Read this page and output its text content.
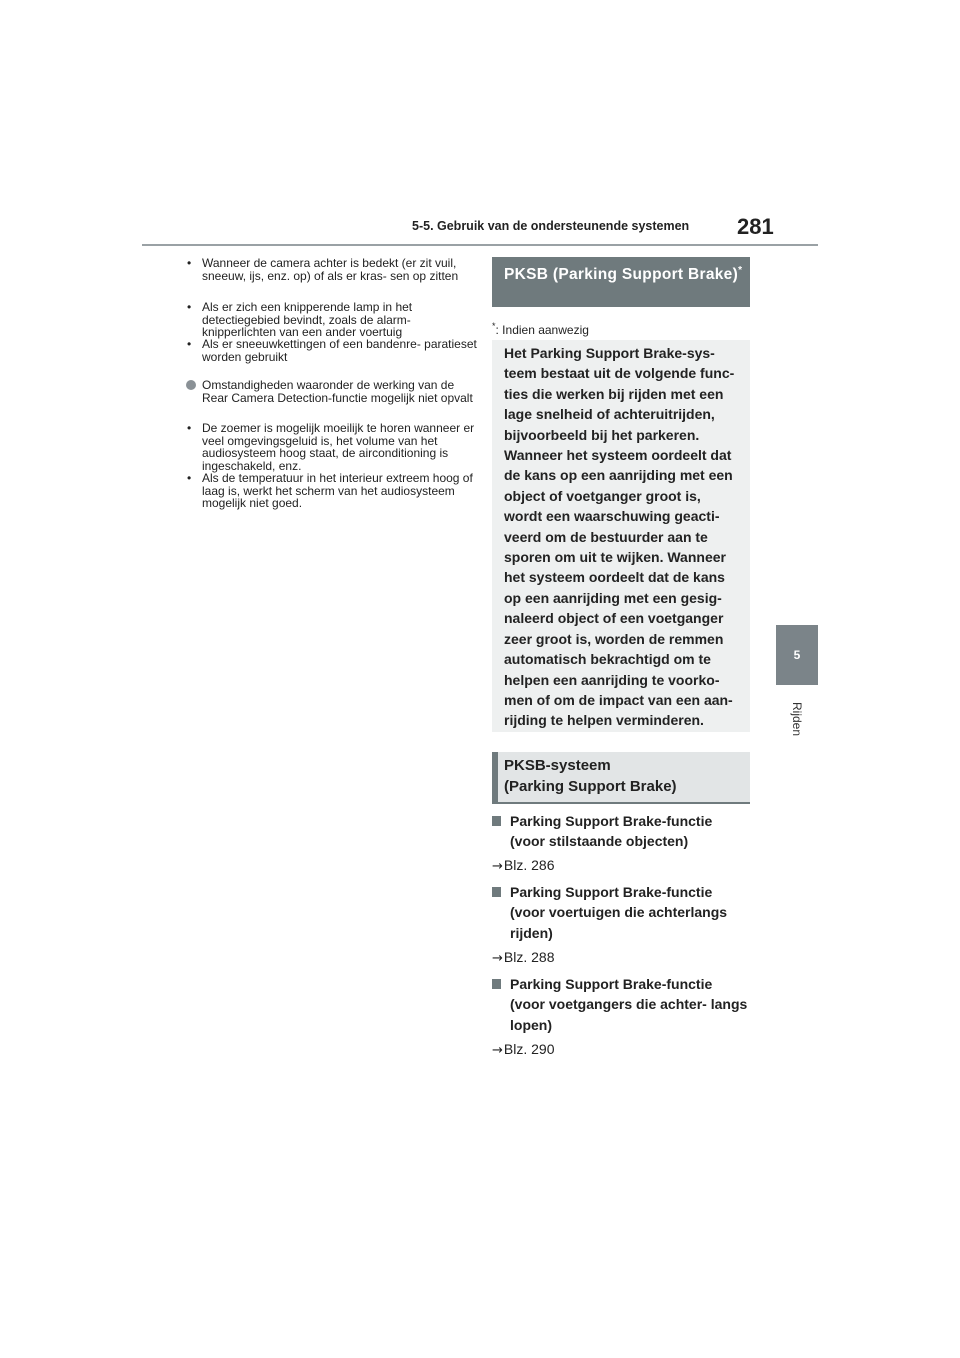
5-5. Gebruik van de ondersteunende systemen 281
5
Rijden
• Wanneer de camera achter is bedekt (er zit vuil, sneeuw, ijs, enz. op) of als er kras- sen op zitten
• Als er zich een knipperende lamp in het detectiegebied bevindt, zoals de alarm- knipperlichten van een ander voertuig
• Als er sneeuwkettingen of een bandenre- paratieset worden gebruikt
Omstandigheden waaronder de werking van de Rear Camera Detection-functie mogelijk niet opvalt
• De zoemer is mogelijk moeilijk te horen wanneer er veel omgevingsgeluid is, het volume van het audiosysteem hoog staat, de airconditioning is ingeschakeld, enz.
• Als de temperatuur in het interieur extreem hoog of laag is, werkt het scherm van het audiosysteem mogelijk niet goed.
PKSB (Parking Support Brake)*
*: Indien aanwezig
Het Parking Support Brake-sys- teem bestaat uit de volgende func- ties die werken bij rijden met een lage snelheid of achteruitrijden, bijvoorbeeld bij het parkeren. Wanneer het systeem oordeelt dat de kans op een aanrijding met een object of voetganger groot is, wordt een waarschuwing geacti- veerd om de bestuurder aan te sporen om uit te wijken. Wanneer het systeem oordeelt dat de kans op een aanrijding met een gesig- naleerd object of een voetganger zeer groot is, worden de remmen automatisch bekrachtigd om te helpen een aanrijding te voorko- men of om de impact van een aan- rijding te helpen verminderen.
PKSB-systeem
(Parking Support Brake)
Parking Support Brake-functie (voor stilstaande objecten)
→Blz. 286
Parking Support Brake-functie (voor voertuigen die achterlangs rijden)
→Blz. 288
Parking Support Brake-functie (voor voetgangers die achter- langs lopen)
→Blz. 290
